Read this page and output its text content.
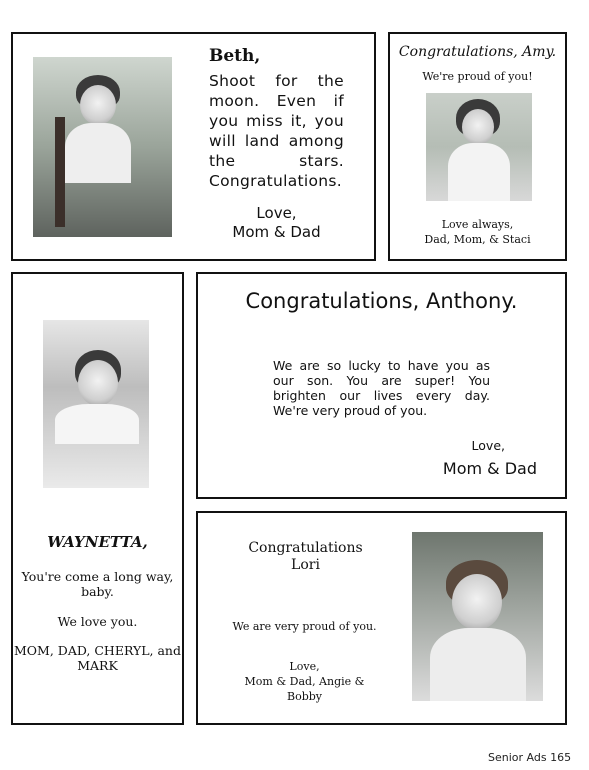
Beth,
Shoot for the moon. Even if you miss it, you will land among the stars. Congratulations.
Love,
Mom & Dad
Congratulations, Amy.
We're proud of you!
Love always,
Dad, Mom, & Staci
WAYNETTA,
You're come a long way, baby.
We love you.
MOM, DAD, CHERYL, and MARK
Congratulations, Anthony.
We are so lucky to have you as our son. You are super! You brighten our lives every day. We're very proud of you.
Love,
Mom & Dad
Congratulations
Lori
We are very proud of you.
Love,
Mom & Dad, Angie &
Bobby
Senior Ads 165
